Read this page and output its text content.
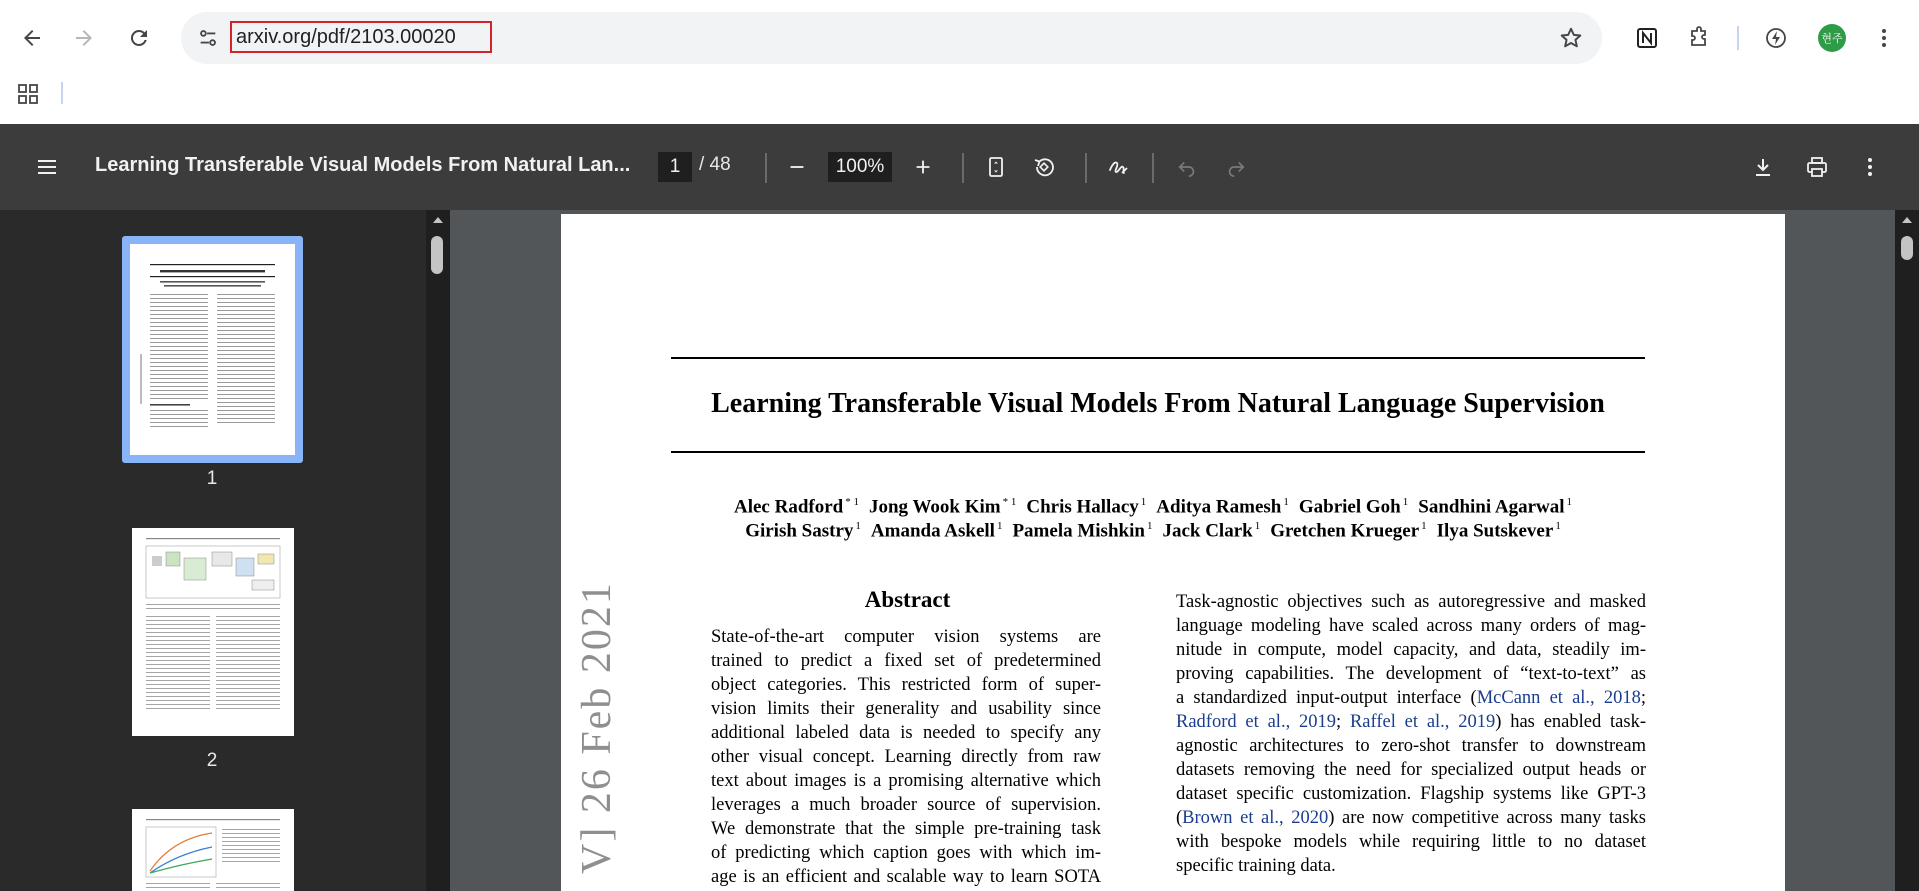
arxiv.org/pdf/2103.00020	현주
Learning Transferable Visual Models From Natural Lan...	1 / 48	100%
1
2
Learning Transferable Visual Models From Natural Language Supervision
Alec Radford $^{* 1}$ Jong Wook Kim $^{* 1}$ Chris Hallacy $^1$ Aditya Ramesh $^1$ Gabriel Goh $^1$ Sandhini Agarwal $^1$
Girish Sastry $^1$ Amanda Askell $^1$ Pamela Mishkin $^1$ Jack Clark $^1$ Gretchen Krueger $^1$ Ilya Sutskever $^1$
V] 26 Feb 2021	Abstract
State-of-the-art computer vision systems are
trained to predict a fixed set of predetermined
object categories. This restricted form of super-
vision limits their generality and usability since
additional labeled data is needed to specify any
other visual concept. Learning directly from raw
text about images is a promising alternative which
leverages a much broader source of supervision.
We demonstrate that the simple pre-training task
of predicting which caption goes with which im-
age is an efficient and scalable way to learn SOTA
Task-agnostic objectives such as autoregressive and masked
language modeling have scaled across many orders of mag-
nitude in compute, model capacity, and data, steadily im-
proving capabilities. The development of “text-to-text” as
a standardized input-output interface (McCann et al., 2018;
Radford et al., 2019; Raffel et al., 2019) has enabled task-
agnostic architectures to zero-shot transfer to downstream
datasets removing the need for specialized output heads or
dataset specific customization. Flagship systems like GPT-3
(Brown et al., 2020) are now competitive across many tasks
with bespoke models while requiring little to no dataset
specific training data.
